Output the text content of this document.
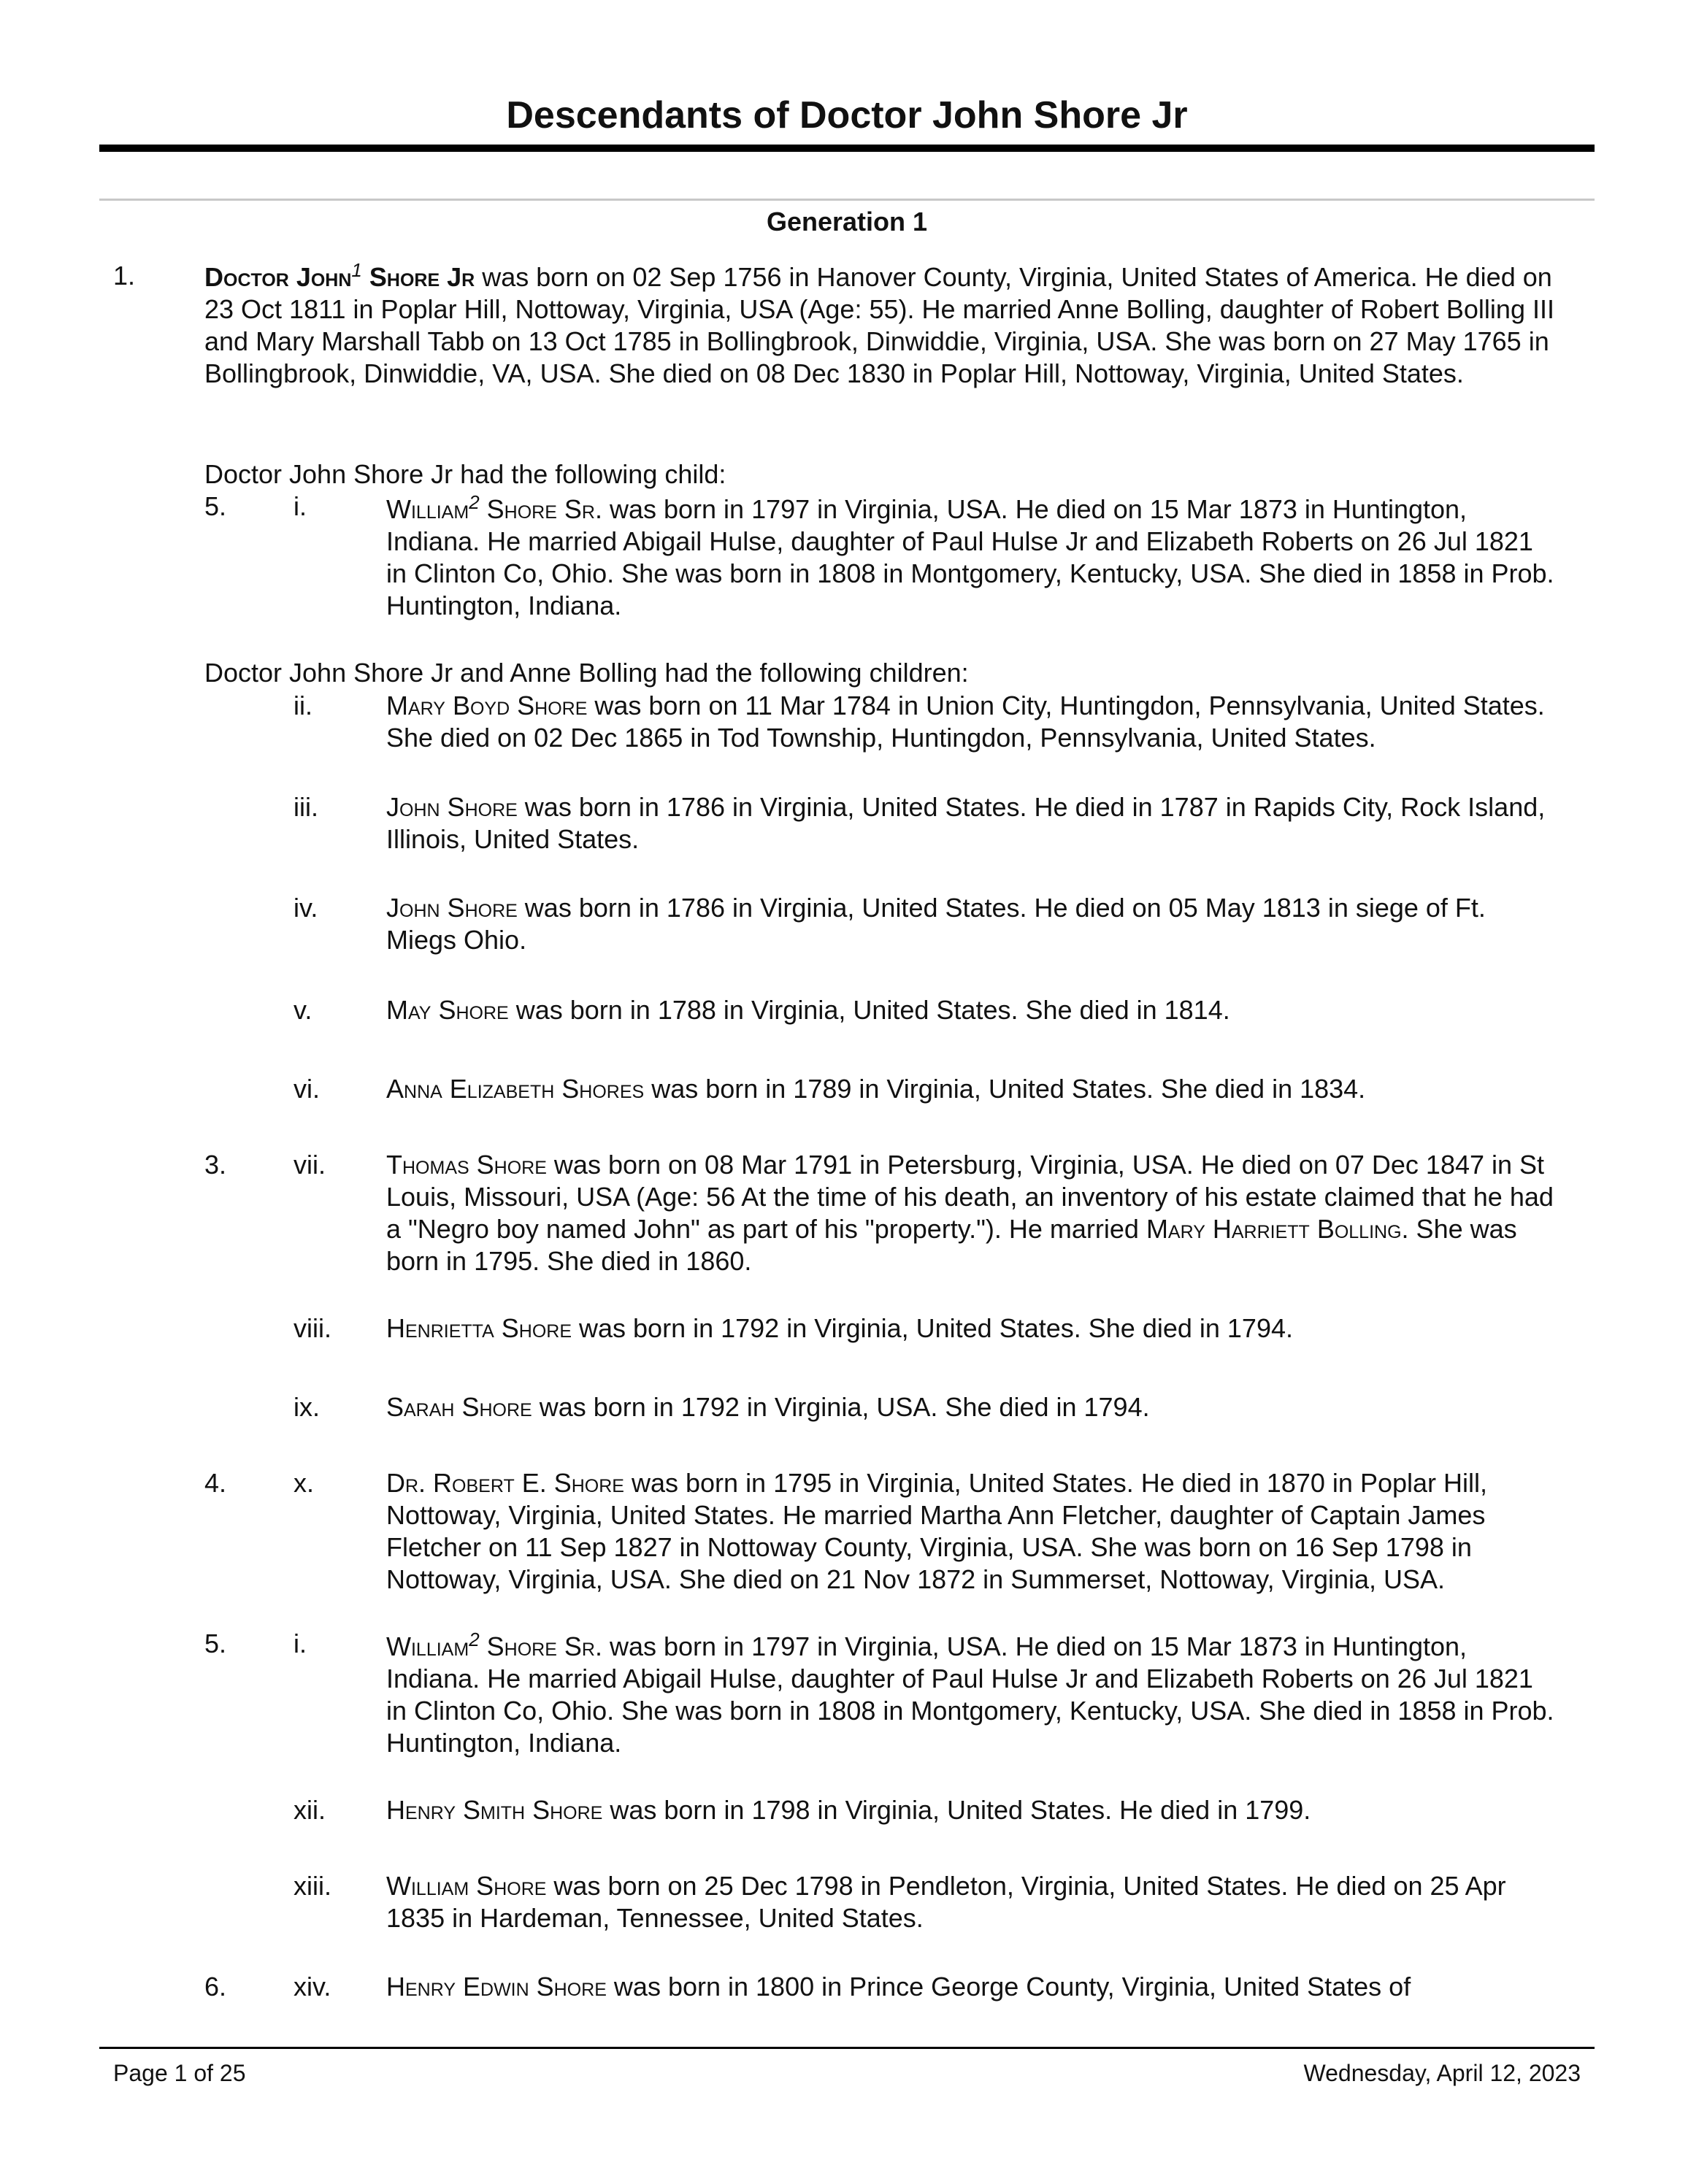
Descendants of Doctor John Shore Jr
Generation 1
1.	Doctor John$^1$ Shore Jr was born on 02 Sep 1756 in Hanover County, Virginia, United States of America. He died on 23 Oct 1811 in Poplar Hill, Nottoway, Virginia, USA (Age: 55). He married Anne Bolling, daughter of Robert Bolling III and Mary Marshall Tabb on 13 Oct 1785 in Bollingbrook, Dinwiddie, Virginia, USA. She was born on 27 May 1765 in Bollingbrook, Dinwiddie, VA, USA. She died on 08 Dec 1830 in Poplar Hill, Nottoway, Virginia, United States.
Doctor John Shore Jr had the following child:
5.	i.	William$^2$ Shore Sr. was born in 1797 in Virginia, USA. He died on 15 Mar 1873 in Huntington, Indiana. He married Abigail Hulse, daughter of Paul Hulse Jr and Elizabeth Roberts on 26 Jul 1821 in Clinton Co, Ohio. She was born in 1808 in Montgomery, Kentucky, USA. She died in 1858 in Prob. Huntington, Indiana.
Doctor John Shore Jr and Anne Bolling had the following children:
ii.	Mary Boyd Shore was born on 11 Mar 1784 in Union City, Huntingdon, Pennsylvania, United States. She died on 02 Dec 1865 in Tod Township, Huntingdon, Pennsylvania, United States.
iii.	John Shore was born in 1786 in Virginia, United States. He died in 1787 in Rapids City, Rock Island, Illinois, United States.
iv.	John Shore was born in 1786 in Virginia, United States. He died on 05 May 1813 in siege of Ft. Miegs Ohio.
v.	May Shore was born in 1788 in Virginia, United States. She died in 1814.
vi.	Anna Elizabeth Shores was born in 1789 in Virginia, United States. She died in 1834.
3.	vii. Thomas Shore was born on 08 Mar 1791 in Petersburg, Virginia, USA. He died on 07 Dec 1847 in St Louis, Missouri, USA (Age: 56 At the time of his death, an inventory of his estate claimed that he had a "Negro boy named John" as part of his "property."). He married Mary Harriett Bolling. She was born in 1795. She died in 1860.
viii. Henrietta Shore was born in 1792 in Virginia, United States. She died in 1794.
ix.	Sarah Shore was born in 1792 in Virginia, USA. She died in 1794.
4.	x.	Dr. Robert E. Shore was born in 1795 in Virginia, United States. He died in 1870 in Poplar Hill, Nottoway, Virginia, United States. He married Martha Ann Fletcher, daughter of Captain James Fletcher on 11 Sep 1827 in Nottoway County, Virginia, USA. She was born on 16 Sep 1798 in Nottoway, Virginia, USA. She died on 21 Nov 1872 in Summerset, Nottoway, Virginia, USA.
5.	i.	William$^2$ Shore Sr. was born in 1797 in Virginia, USA. He died on 15 Mar 1873 in Huntington, Indiana. He married Abigail Hulse, daughter of Paul Hulse Jr and Elizabeth Roberts on 26 Jul 1821 in Clinton Co, Ohio. She was born in 1808 in Montgomery, Kentucky, USA. She died in 1858 in Prob. Huntington, Indiana.
xii. Henry Smith Shore was born in 1798 in Virginia, United States. He died in 1799.
xiii. William Shore was born on 25 Dec 1798 in Pendleton, Virginia, United States. He died on 25 Apr 1835 in Hardeman, Tennessee, United States.
6.	xiv. Henry Edwin Shore was born in 1800 in Prince George County, Virginia, United States of
Page 1 of 25	Wednesday, April 12, 2023
